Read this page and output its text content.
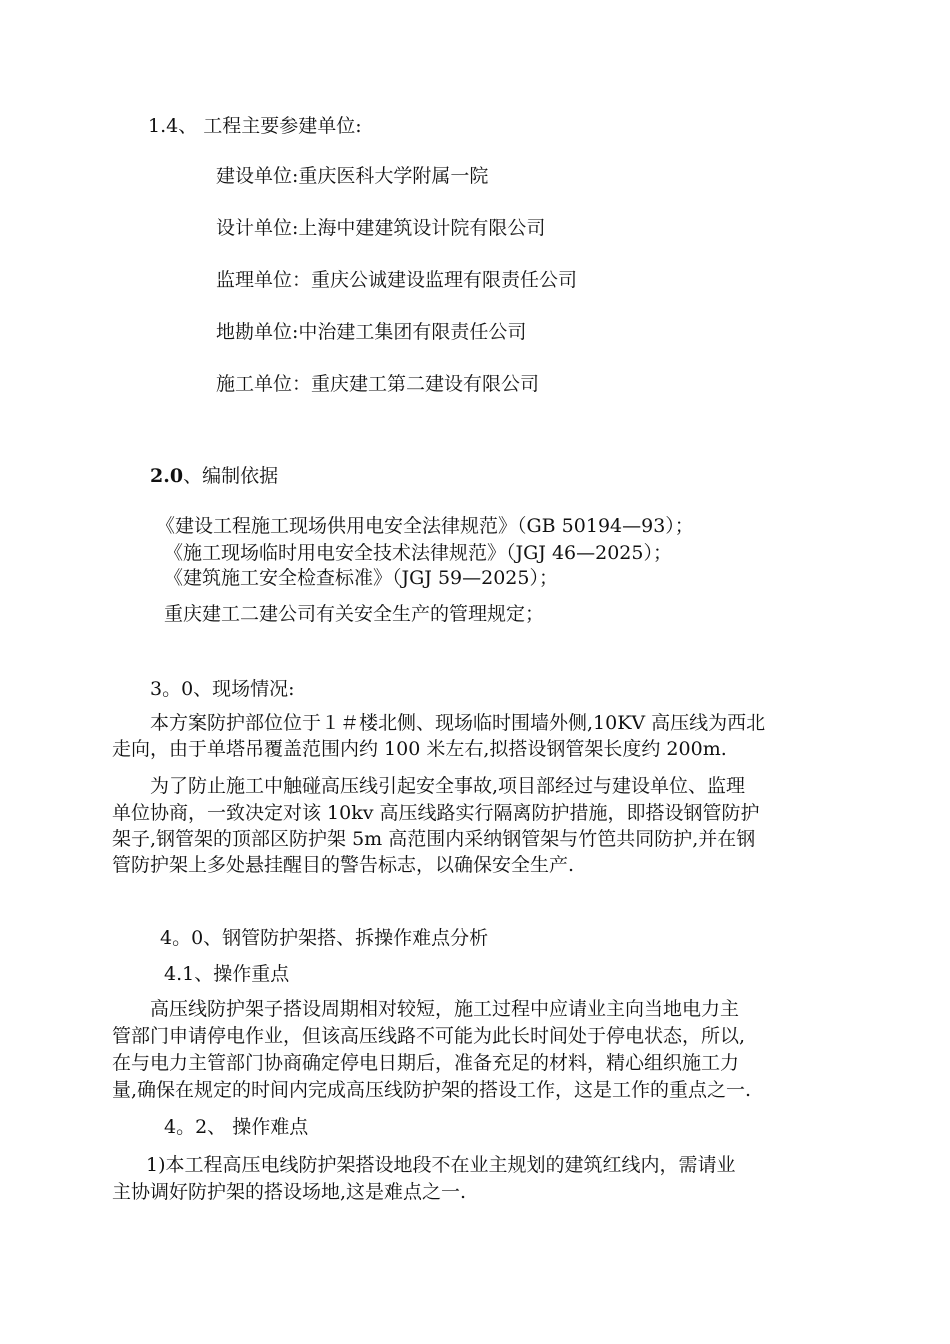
1.4、 工程主要参建单位:
建设单位:重庆医科大学附属一院
设计单位:上海中建建筑设计院有限公司
监理单位：重庆公诚建设监理有限责任公司
地勘单位:中治建工集团有限责任公司
施工单位：重庆建工第二建设有限公司
2.0、编制依据
《建设工程施工现场供用电安全法律规范》（GB 50194—93）；
《施工现场临时用电安全技术法律规范》（JGJ 46—2025）；
《建筑施工安全检查标准》（JGJ 59—2025）；
重庆建工二建公司有关安全生产的管理规定；
3。0、现场情况:
本方案防护部位位于１＃楼北侧、现场临时围墙外侧,10KV 高压线为西北
走向，由于单塔吊覆盖范围内约 100 米左右,拟搭设钢管架长度约 200m.
为了防止施工中触碰高压线引起安全事故,项目部经过与建设单位、监理
单位协商，一致决定对该 10kv 高压线路实行隔离防护措施，即搭设钢管防护
架子,钢管架的顶部区防护架 5m 高范围内采纳钢管架与竹笆共同防护,并在钢
管防护架上多处悬挂醒目的警告标志，以确保安全生产.
4。0、钢管防护架搭、拆操作难点分析
4.1、操作重点
高压线防护架子搭设周期相对较短，施工过程中应请业主向当地电力主
管部门申请停电作业，但该高压线路不可能为此长时间处于停电状态，所以,
在与电力主管部门协商确定停电日期后，准备充足的材料，精心组织施工力
量,确保在规定的时间内完成高压线防护架的搭设工作，这是工作的重点之一.
4。2、 操作难点
1)本工程高压电线防护架搭设地段不在业主规划的建筑红线内，需请业
主协调好防护架的搭设场地,这是难点之一.
